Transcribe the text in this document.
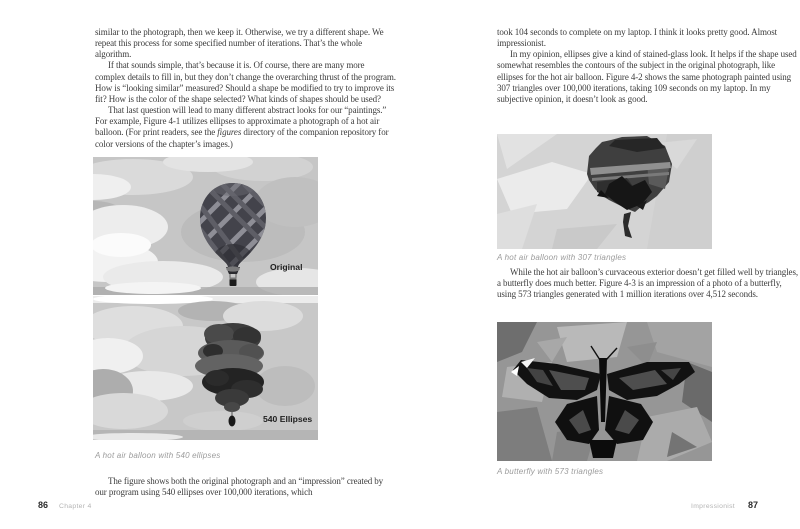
similar to the photograph, then we keep it. Otherwise, we try a different shape. We repeat this process for some specified number of iterations. That’s the whole algorithm.
If that sounds simple, that’s because it is. Of course, there are many more complex details to fill in, but they don’t change the overarching thrust of the program. How is “looking similar” measured? Should a shape be modified to try to improve its fit? How is the color of the shape selected? What kinds of shapes should be used?
That last question will lead to many different abstract looks for our “paintings.” For example, Figure 4-1 utilizes ellipses to approximate a photograph of a hot air balloon. (For print readers, see the figures directory of the companion repository for color versions of the chapter’s images.)
Original
540 Ellipses
A hot air balloon with 540 ellipses
The figure shows both the original photograph and an “impression” created by our program using 540 ellipses over 100,000 iterations, which
86 Chapter 4
took 104 seconds to complete on my laptop. I think it looks pretty good. Almost impressionist.
In my opinion, ellipses give a kind of stained-glass look. It helps if the shape used somewhat resembles the contours of the subject in the original photograph, like ellipses for the hot air balloon. Figure 4-2 shows the same photograph painted using 307 triangles over 100,000 iterations, taking 109 seconds on my laptop. In my subjective opinion, it doesn’t look as good.
A hot air balloon with 307 triangles
While the hot air balloon’s curvaceous exterior doesn’t get filled well by triangles, a butterfly does much better. Figure 4-3 is an impression of a photo of a butterfly, using 573 triangles generated with 1 million iterations over 4,512 seconds.
A butterfly with 573 triangles
Impressionist 87
